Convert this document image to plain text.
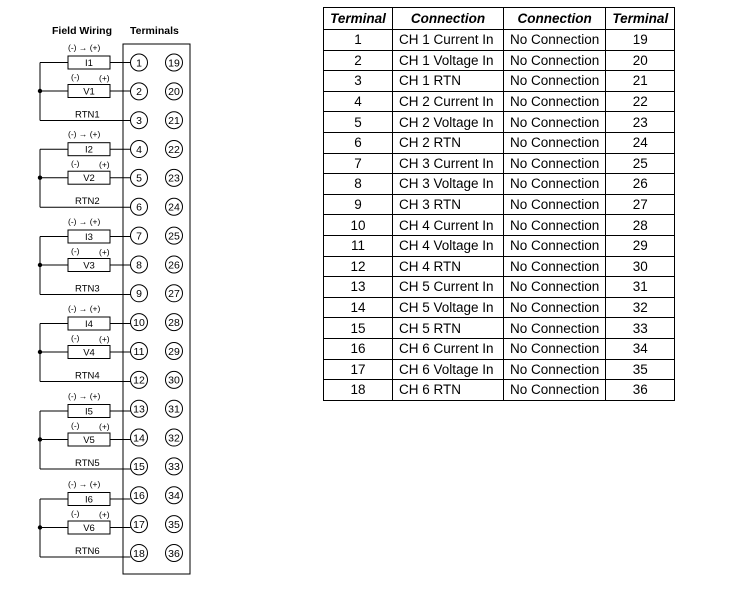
Field Wiring Terminals
(-) → (+)
I1
(-) (+)
V1
RTN1
(-) → (+)
I2
(-) (+)
V2
RTN2
(-) → (+)
I3
(-) (+)
V3
RTN3
(-) → (+)
I4
(-) (+)
V4
RTN4
(-) → (+)
I5
(-) (+)
V5
RTN5
(-) → (+)
I6
(-) (+)
V6
RTN6
1
2
3
4
5
6
7
8
9
10
11
12
13
14
15
16
17
18
19
20
21
22
23
24
25
26
27
28
29
30
31
32
33
34
35
36
Terminal	Connection	Connection	Terminal
1	CH 1 Current In	No Connection	19
2	CH 1 Voltage In	No Connection	20
3	CH 1 RTN	No Connection	21
4	CH 2 Current In	No Connection	22
5	CH 2 Voltage In	No Connection	23
6	CH 2 RTN	No Connection	24
7	CH 3 Current In	No Connection	25
8	CH 3 Voltage In	No Connection	26
9	CH 3 RTN	No Connection	27
10	CH 4 Current In	No Connection	28
11	CH 4 Voltage In	No Connection	29
12	CH 4 RTN	No Connection	30
13	CH 5 Current In	No Connection	31
14	CH 5 Voltage In	No Connection	32
15	CH 5 RTN	No Connection	33
16	CH 6 Current In	No Connection	34
17	CH 6 Voltage In	No Connection	35
18	CH 6 RTN	No Connection	36
